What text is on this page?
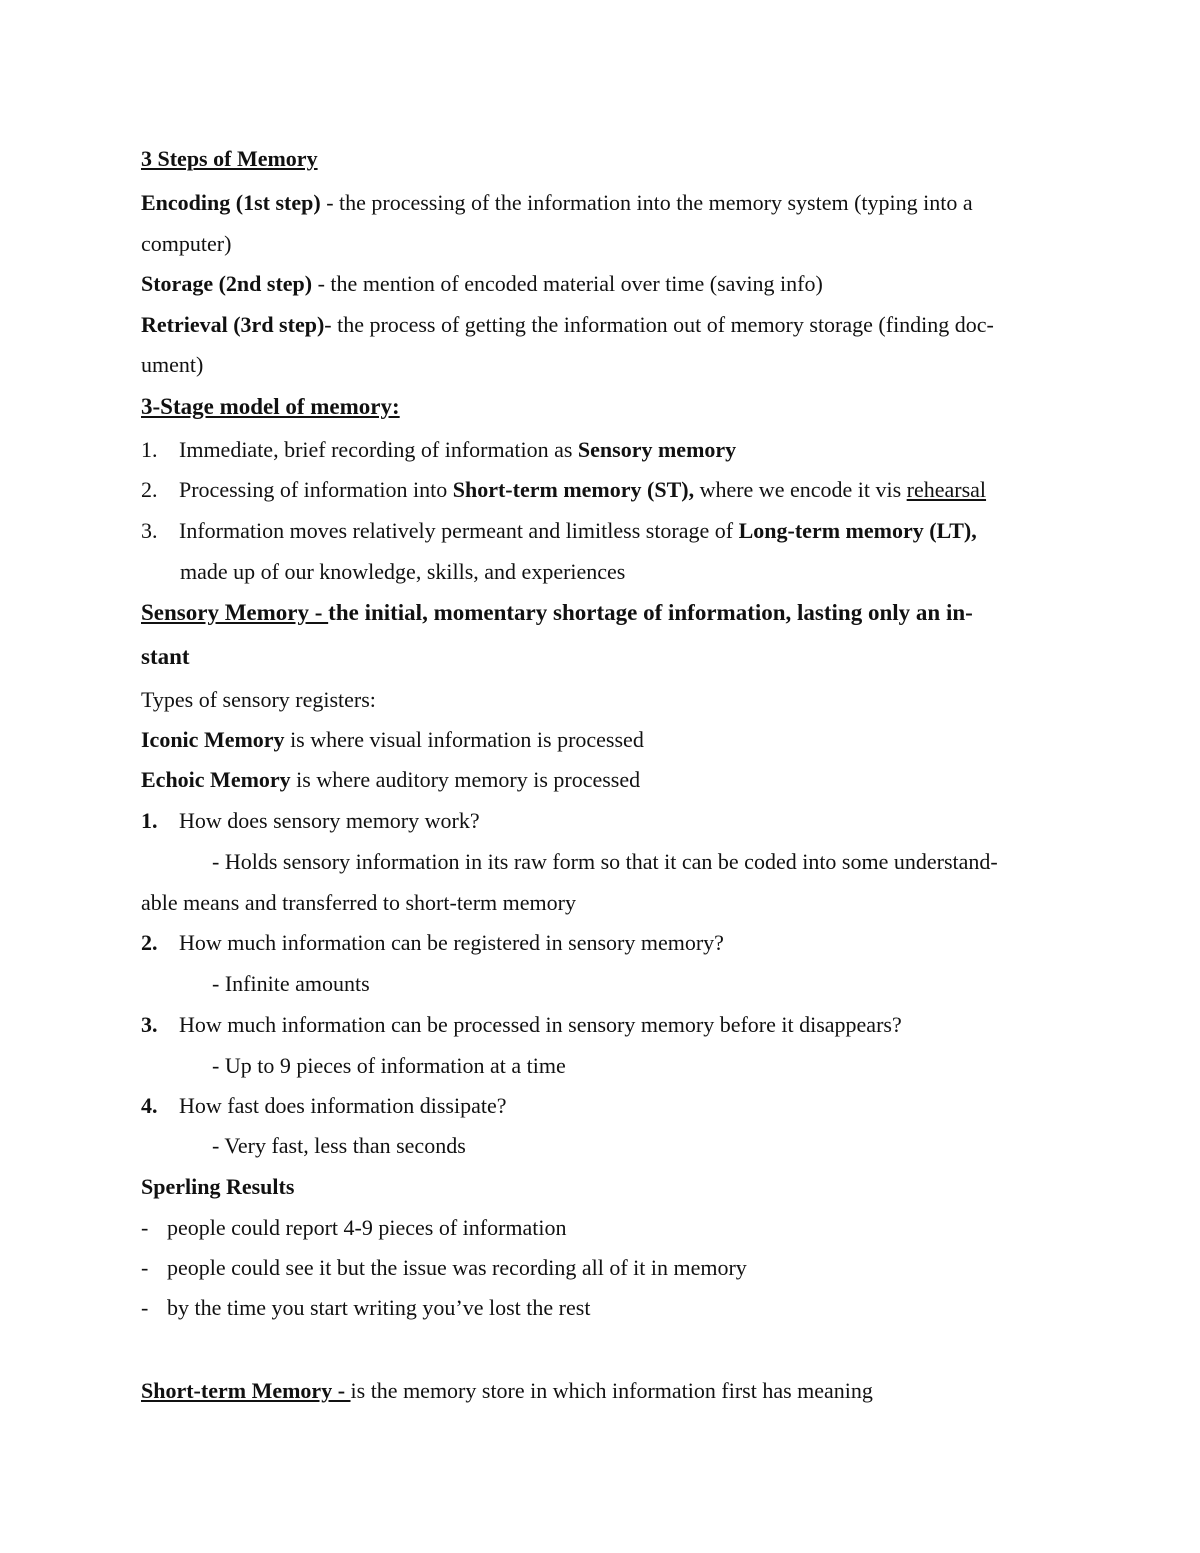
3 Steps of Memory
Encoding (1st step) - the processing of the information into the memory system (typing into a
computer)
Storage (2nd step) - the mention of encoded material over time (saving info)
Retrieval (3rd step)- the process of getting the information out of memory storage (finding doc-
ument)
3-Stage model of memory:
1. Immediate, brief recording of information as Sensory memory
2. Processing of information into Short-term memory (ST), where we encode it vis rehearsal
3. Information moves relatively permeant and limitless storage of Long-term memory (LT),
made up of our knowledge, skills, and experiences
Sensory Memory - the initial, momentary shortage of information, lasting only an in-
stant
Types of sensory registers:
Iconic Memory is where visual information is processed
Echoic Memory is where auditory memory is processed
1. How does sensory memory work?
- Holds sensory information in its raw form so that it can be coded into some understand-
able means and transferred to short-term memory
2. How much information can be registered in sensory memory?
- Infinite amounts
3. How much information can be processed in sensory memory before it disappears?
- Up to 9 pieces of information at a time
4. How fast does information dissipate?
- Very fast, less than seconds
Sperling Results
- people could report 4-9 pieces of information
- people could see it but the issue was recording all of it in memory
- by the time you start writing you’ve lost the rest
Short-term Memory - is the memory store in which information first has meaning
